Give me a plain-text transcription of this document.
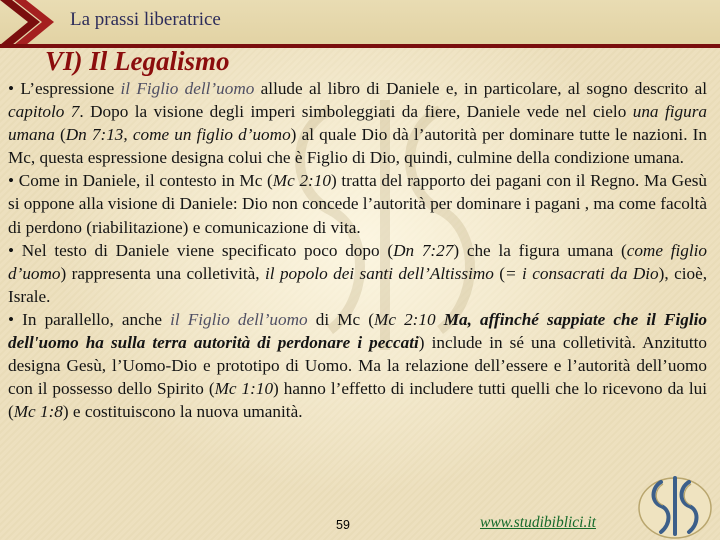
La prassi liberatrice
VI) Il Legalismo

• L’espressione il Figlio dell’uomo allude al libro di Daniele e, in particolare, al sogno descrito al capitolo 7. Dopo la visione degli imperi simboleggiati da fiere, Daniele vede nel cielo una figura umana (Dn 7:13, come un figlio d’uomo) al quale Dio dà l’autorità per dominare tutte le nazioni. In Mc, questa espressione designa colui che è Figlio di Dio, quindi, culmine della condizione umana.

• Come in Daniele, il contesto in Mc (Mc 2:10) tratta del rapporto dei pagani con il Regno. Ma Gesù si oppone alla visione di Daniele: Dio non concede l’autorità per dominare i pagani , ma come facoltà di perdono (riabilitazione) e comunicazione di vita.

• Nel testo di Daniele viene specificato poco dopo (Dn 7:27) che la figura umana (come figlio d’uomo) rappresenta una colletività, il popolo dei santi dell’Altissimo (= i consacrati da Dio), cioè, Israle.

• In parallello, anche il Figlio dell’uomo di Mc (Mc 2:10 Ma, affinché sappiate che il Figlio dell'uomo ha sulla terra autorità di perdonare i peccati) include in sé una colletività. Anzitutto designa Gesù, l’Uomo-Dio e prototipo di Uomo. Ma la relazione dell’essere e l’autorità dell’uomo con il possesso dello Spirito (Mc 1:10) hanno l’effetto di includere tutti quelli che lo ricevono da lui (Mc 1:8) e costituiscono la nuova umanità.

59	www.studibiblici.it
